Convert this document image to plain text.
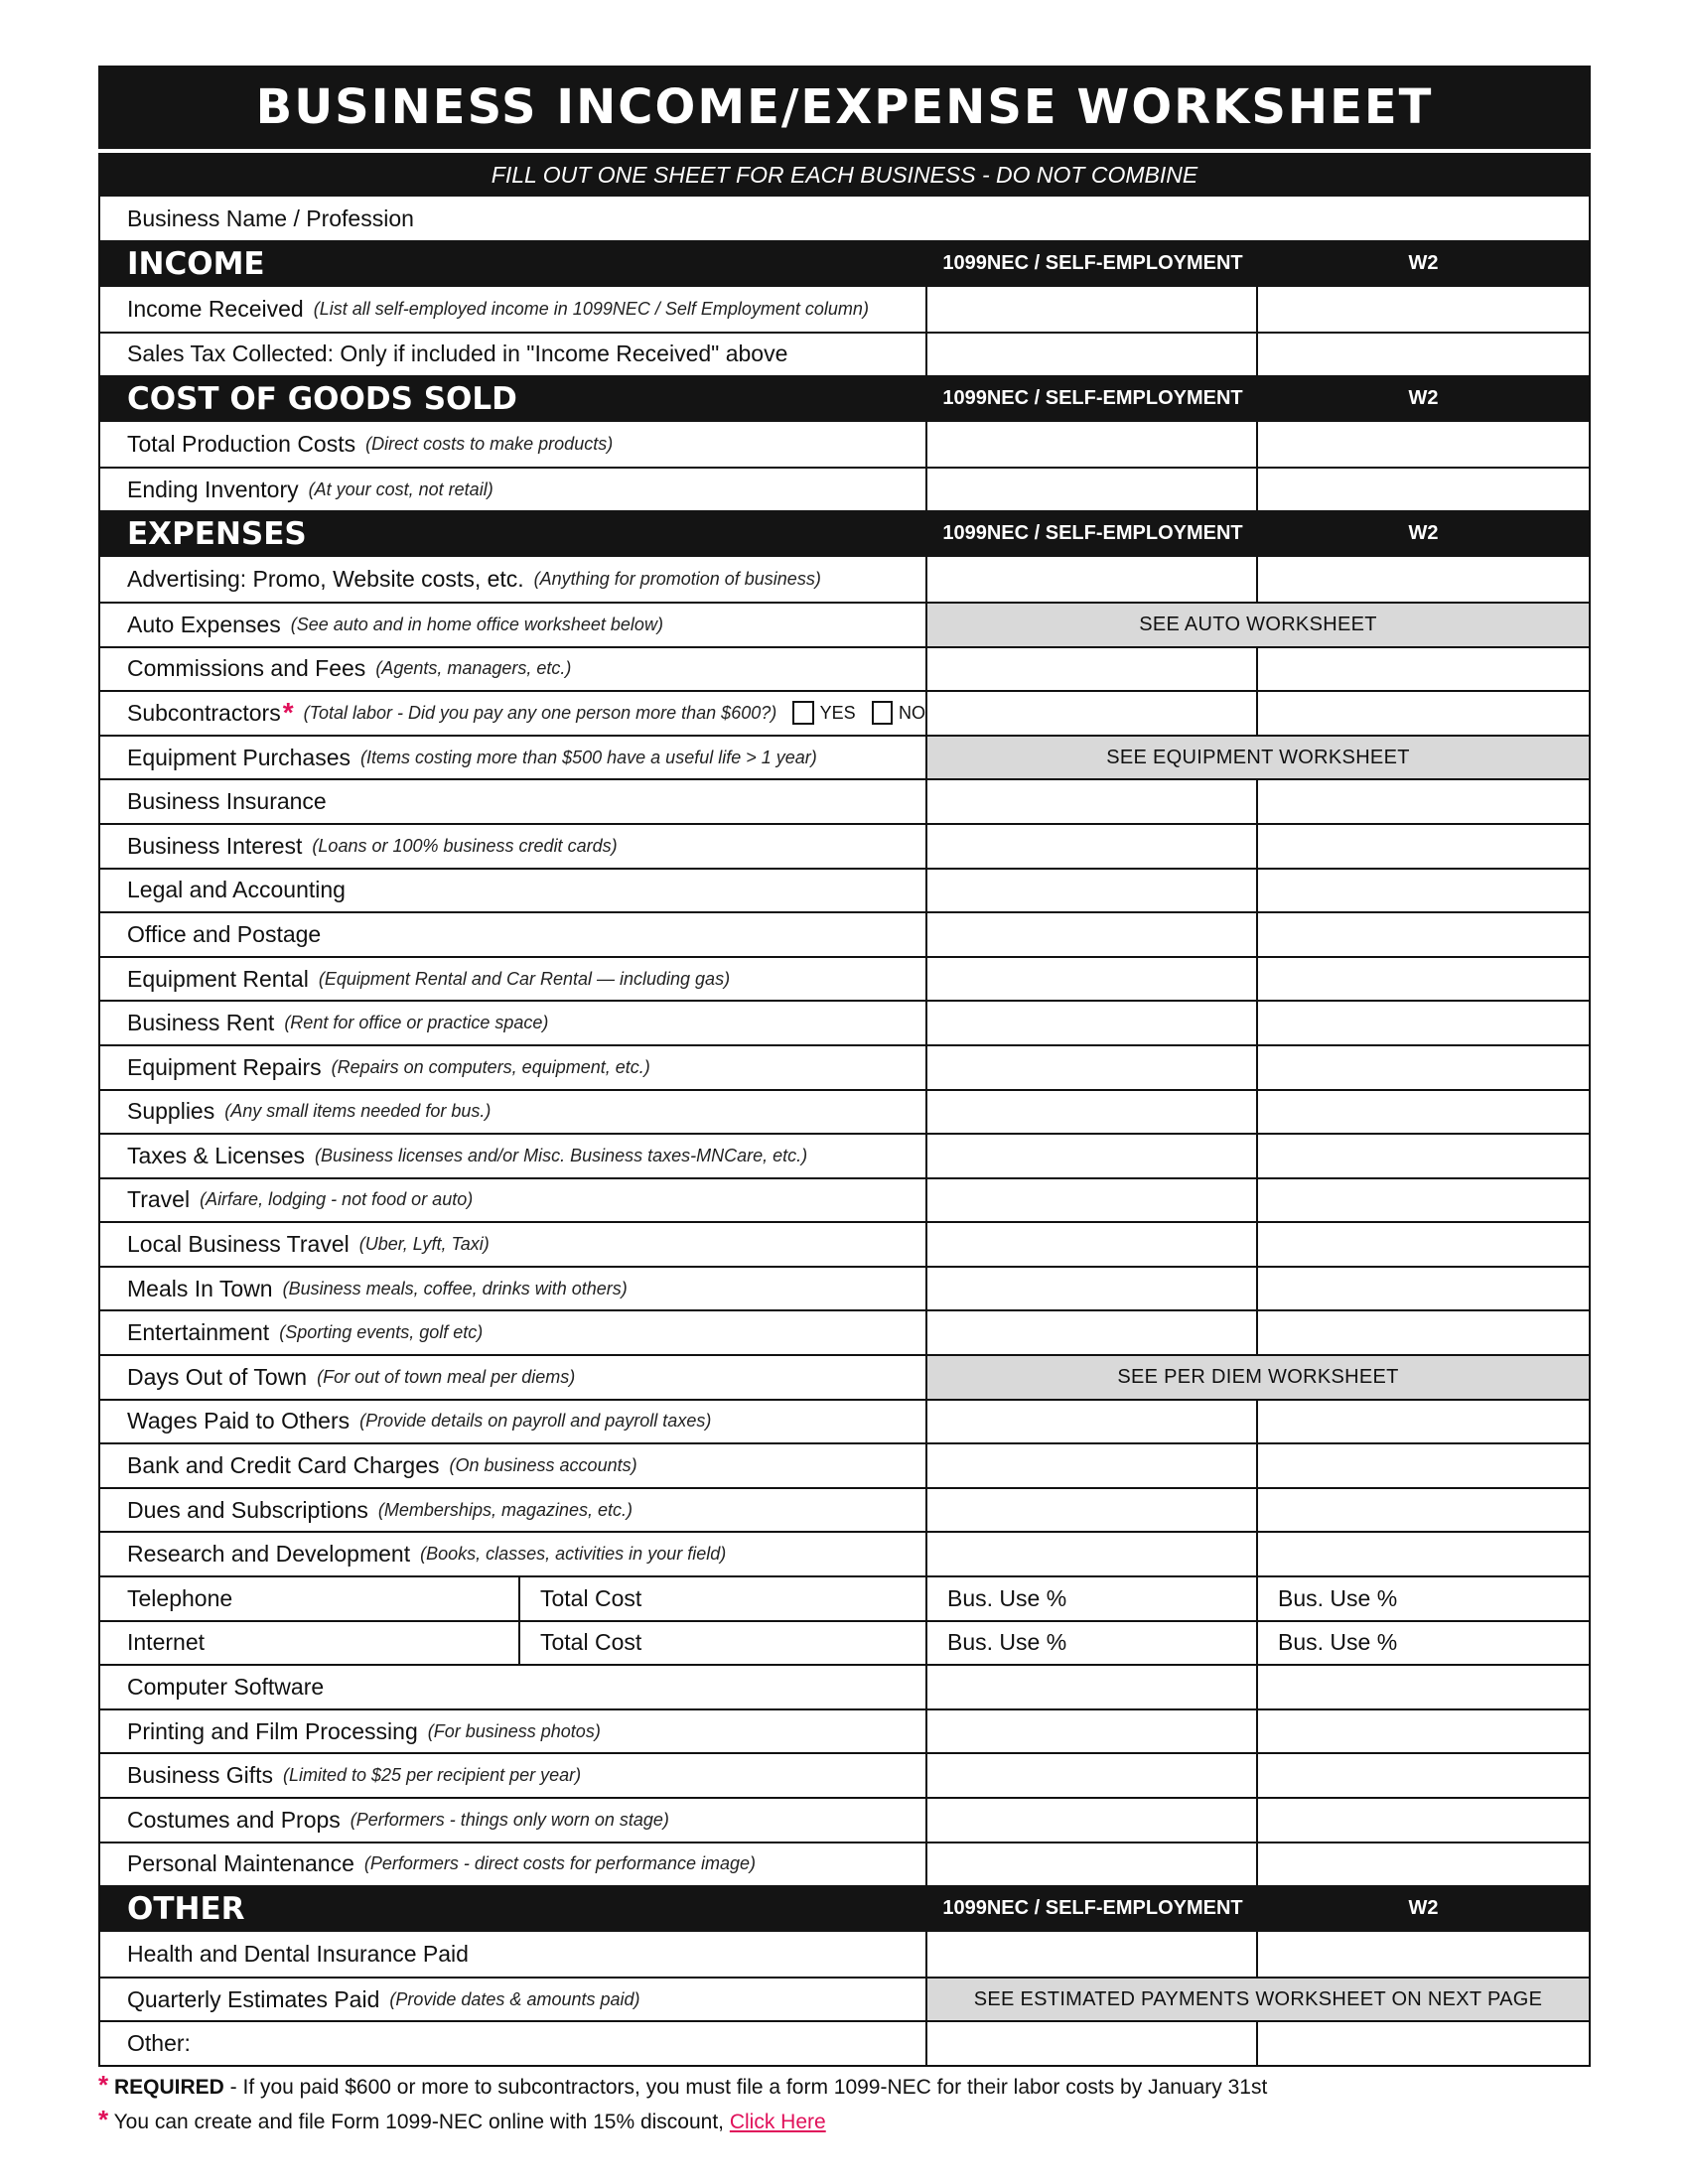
BUSINESS INCOME/EXPENSE WORKSHEET
FILL OUT ONE SHEET FOR EACH BUSINESS - DO NOT COMBINE
Business Name / Profession
INCOME	1099NEC / SELF-EMPLOYMENT	W2
Income Received (List all self-employed income in 1099NEC / Self Employment column)
Sales Tax Collected: Only if included in "Income Received" above
COST OF GOODS SOLD	1099NEC / SELF-EMPLOYMENT	W2
Total Production Costs (Direct costs to make products)
Ending Inventory (At your cost, not retail)
EXPENSES	1099NEC / SELF-EMPLOYMENT	W2
Advertising: Promo, Website costs, etc. (Anything for promotion of business)
Auto Expenses (See auto and in home office worksheet below)	SEE AUTO WORKSHEET
Commissions and Fees (Agents, managers, etc.)
Subcontractors * (Total labor - Did you pay any one person more than $600?) YES NO
Equipment Purchases (Items costing more than $500 have a useful life > 1 year)	SEE EQUIPMENT WORKSHEET
Business Insurance
Business Interest (Loans or 100% business credit cards)
Legal and Accounting
Office and Postage
Equipment Rental (Equipment Rental and Car Rental — including gas)
Business Rent (Rent for office or practice space)
Equipment Repairs (Repairs on computers, equipment, etc.)
Supplies (Any small items needed for bus.)
Taxes & Licenses (Business licenses and/or Misc. Business taxes-MNCare, etc.)
Travel (Airfare, lodging - not food or auto)
Local Business Travel (Uber, Lyft, Taxi)
Meals In Town (Business meals, coffee, drinks with others)
Entertainment (Sporting events, golf etc)
Days Out of Town (For out of town meal per diems)	SEE PER DIEM WORKSHEET
Wages Paid to Others (Provide details on payroll and payroll taxes)
Bank and Credit Card Charges (On business accounts)
Dues and Subscriptions (Memberships, magazines, etc.)
Research and Development (Books, classes, activities in your field)
Telephone	Total Cost	Bus. Use %	Bus. Use %
Internet	Total Cost	Bus. Use %	Bus. Use %
Computer Software
Printing and Film Processing (For business photos)
Business Gifts (Limited to $25 per recipient per year)
Costumes and Props (Performers - things only worn on stage)
Personal Maintenance (Performers - direct costs for performance image)
OTHER	1099NEC / SELF-EMPLOYMENT	W2
Health and Dental Insurance Paid
Quarterly Estimates Paid (Provide dates & amounts paid)	SEE ESTIMATED PAYMENTS WORKSHEET ON NEXT PAGE
Other:
* REQUIRED - If you paid $600 or more to subcontractors, you must file a form 1099-NEC for their labor costs by January 31st
* You can create and file Form 1099-NEC online with 15% discount, Click Here
